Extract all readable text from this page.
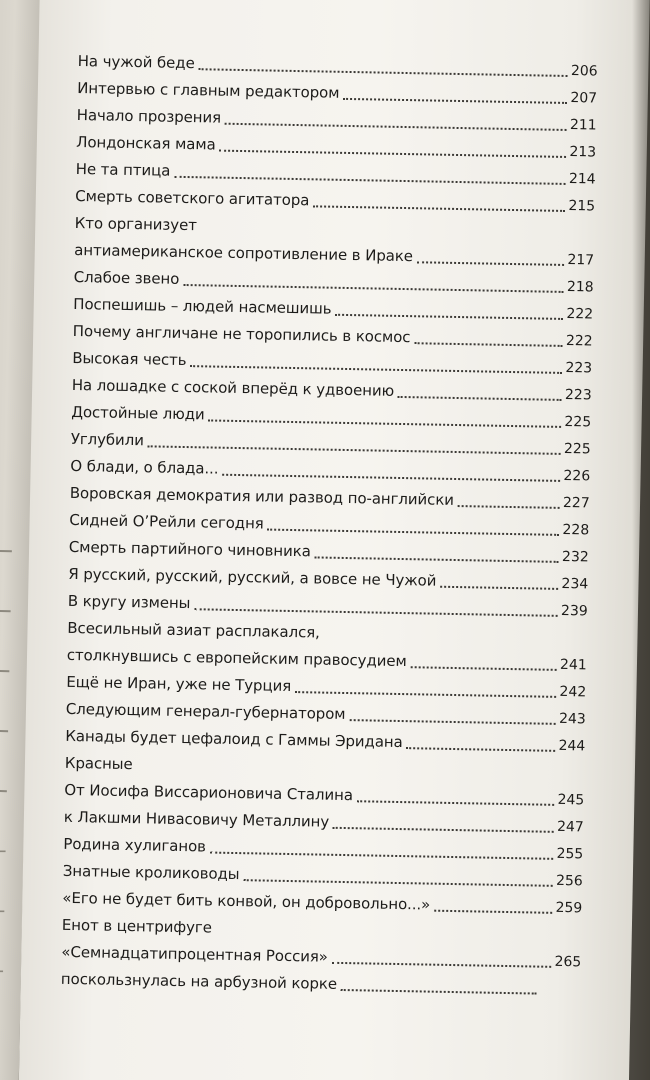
На чужой беде	206
Интервью с главным редактором	207
Начало прозрения	211
Лондонская мама	213
Не та птица	214
Смерть советского агитатора	215
Кто организует
антиамериканское сопротивление в Ираке	217
Слабое звено	218
Поспешишь – людей насмешишь	222
Почему англичане не торопились в космос	222
Высокая честь	223
На лошадке с соской вперёд к удвоению	223
Достойные люди	225
Углубили	225
О блади, о блада...	226
Воровская демократия или развод по-английски	227
Сидней О’Рейли сегодня	228
Смерть партийного чиновника	232
Я русский, русский, русский, а вовсе не Чужой	234
В кругу измены	239
Всесильный азиат расплакался,
столкнувшись с европейским правосудием	241
Ещё не Иран, уже не Турция	242
Следующим генерал-губернатором	243
Канады будет цефалоид с Гаммы Эридана	244
Красные
От Иосифа Виссарионовича Сталина	245
к Лакшми Нивасовичу Металлину	247
Родина хулиганов	255
Знатные кролиководы	256
«Его не будет бить конвой, он добровольно...»	259
Енот в центрифуге
«Семнадцатипроцентная Россия»	265
поскользнулась на арбузной корке
